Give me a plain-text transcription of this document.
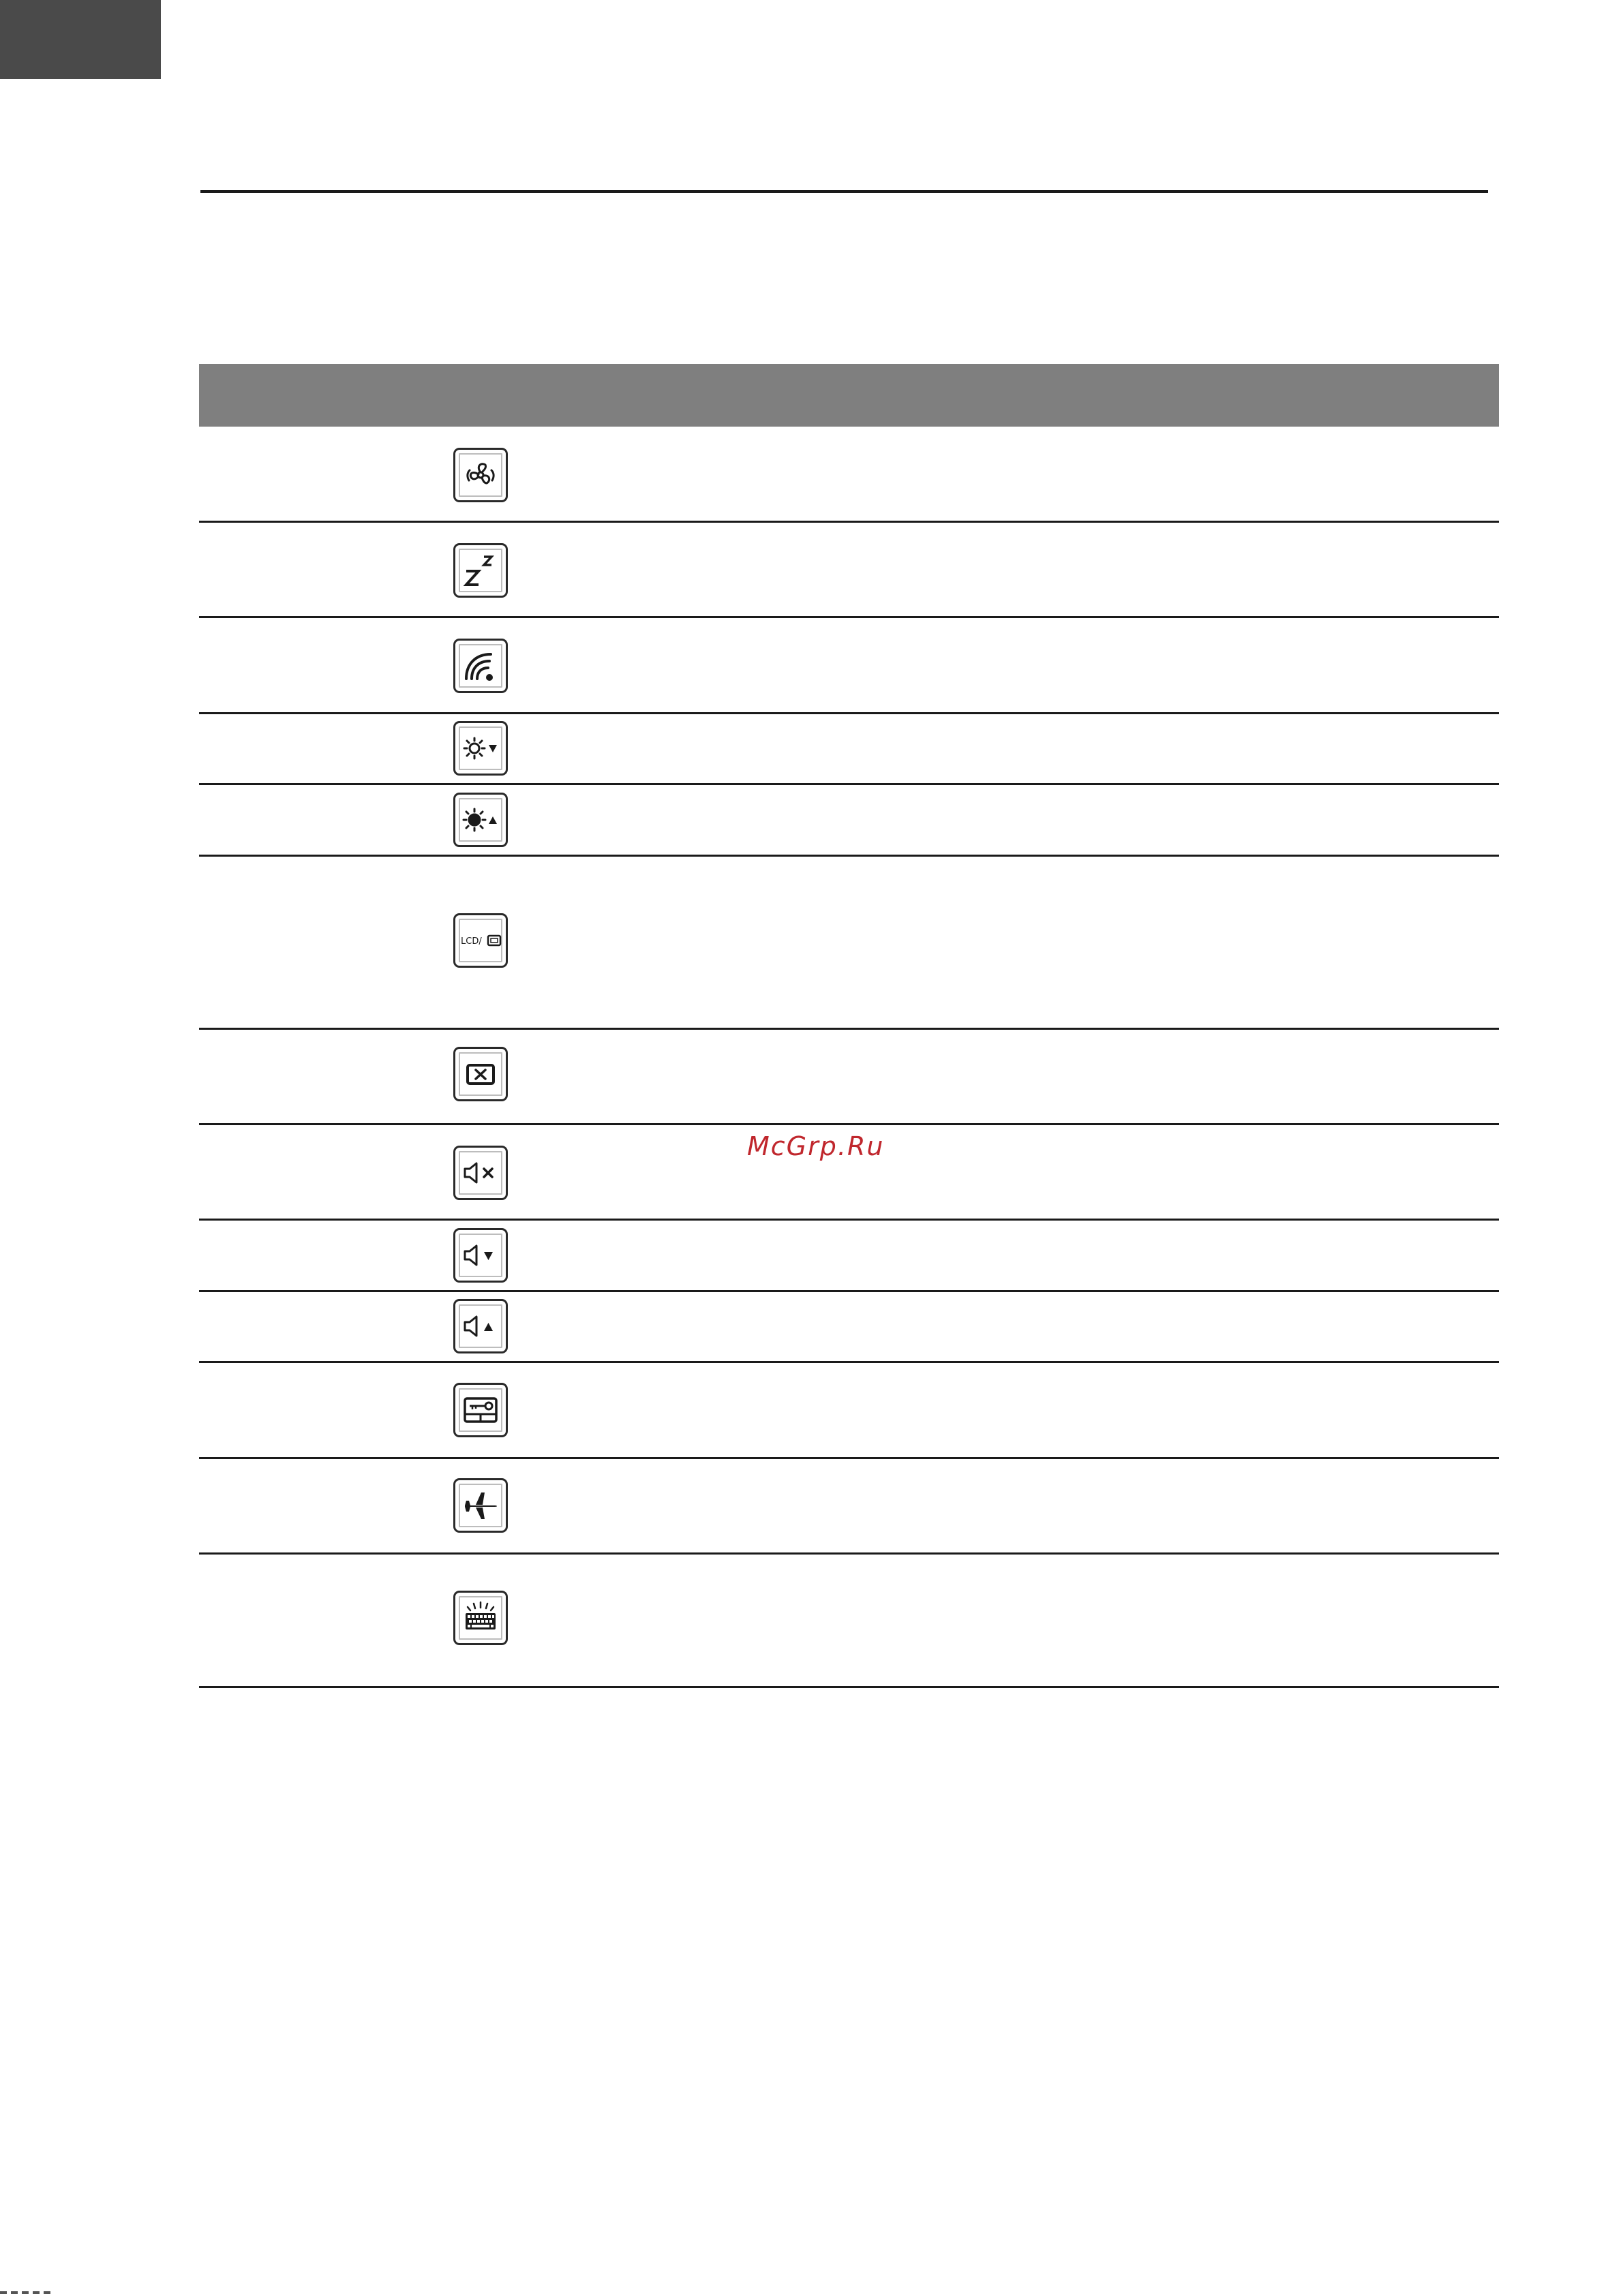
LCD/
McGrp.Ru
